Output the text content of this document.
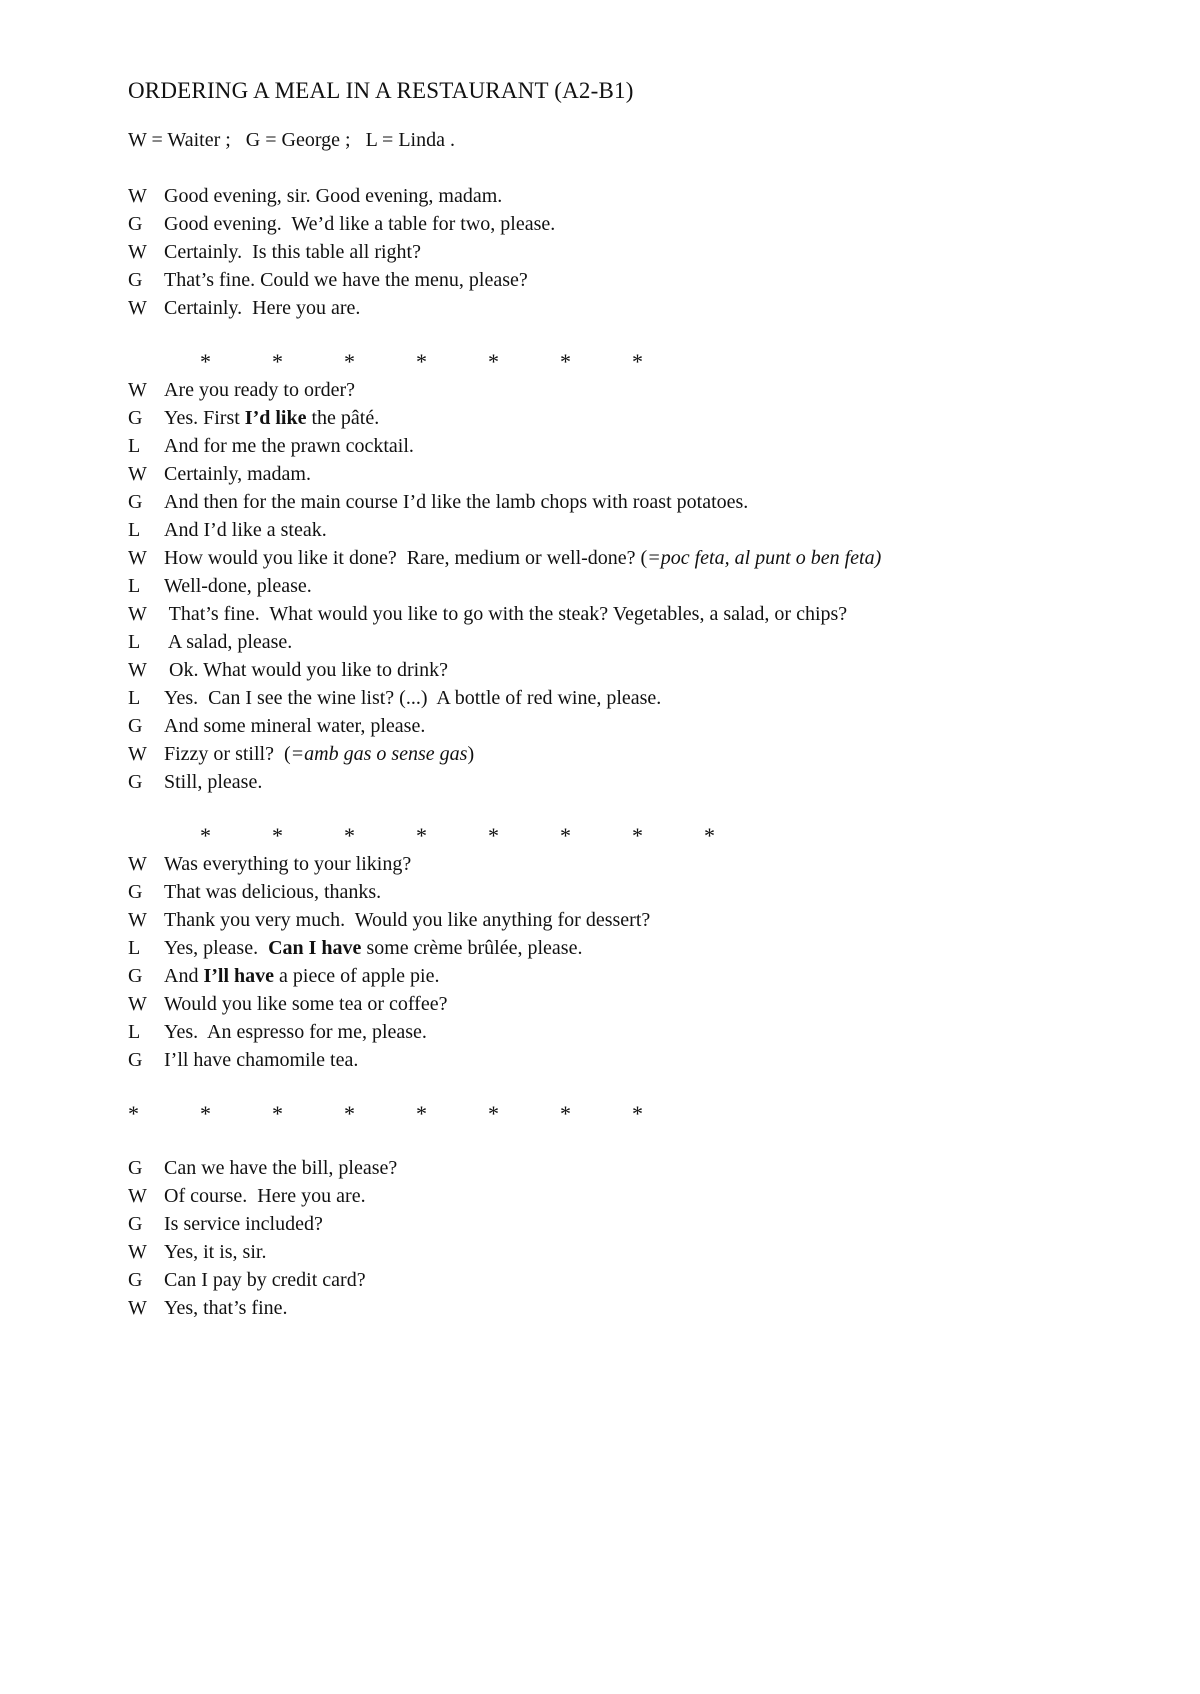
ORDERING A MEAL IN A RESTAURANT (A2-B1)
W = Waiter ;   G = George ;   L = Linda .
W Good evening, sir. Good evening, madam.
G Good evening.  We’d like a table for two, please.
W Certainly.  Is this table all right?
G That’s fine. Could we have the menu, please?
W Certainly.  Here you are.
*	*	*	*	*	*	*
W Are you ready to order?
G Yes. First I’d like the pâté.
L And for me the prawn cocktail.
W Certainly, madam.
G And then for the main course I’d like the lamb chops with roast potatoes.
L And I’d like a steak.
W How would you like it done?  Rare, medium or well-done? (=poc feta, al punt o ben feta)
L Well-done, please.
W That’s fine.  What would you like to go with the steak? Vegetables, a salad, or chips?
L A salad, please.
W Ok. What would you like to drink?
L Yes.  Can I see the wine list? (...)  A bottle of red wine, please.
G And some mineral water, please.
W Fizzy or still?  (=amb gas o sense gas)
G Still, please.
*	*	*	*	*	*	*	*
W Was everything to your liking?
G That was delicious, thanks.
W Thank you very much.  Would you like anything for dessert?
L Yes, please.  Can I have some crème brûlée, please.
G And I’ll have a piece of apple pie.
W Would you like some tea or coffee?
L Yes.  An espresso for me, please.
G I’ll have chamomile tea.
*	*	*	*	*	*	*	*
G Can we have the bill, please?
W Of course.  Here you are.
G Is service included?
W Yes, it is, sir.
G Can I pay by credit card?
W Yes, that’s fine.
